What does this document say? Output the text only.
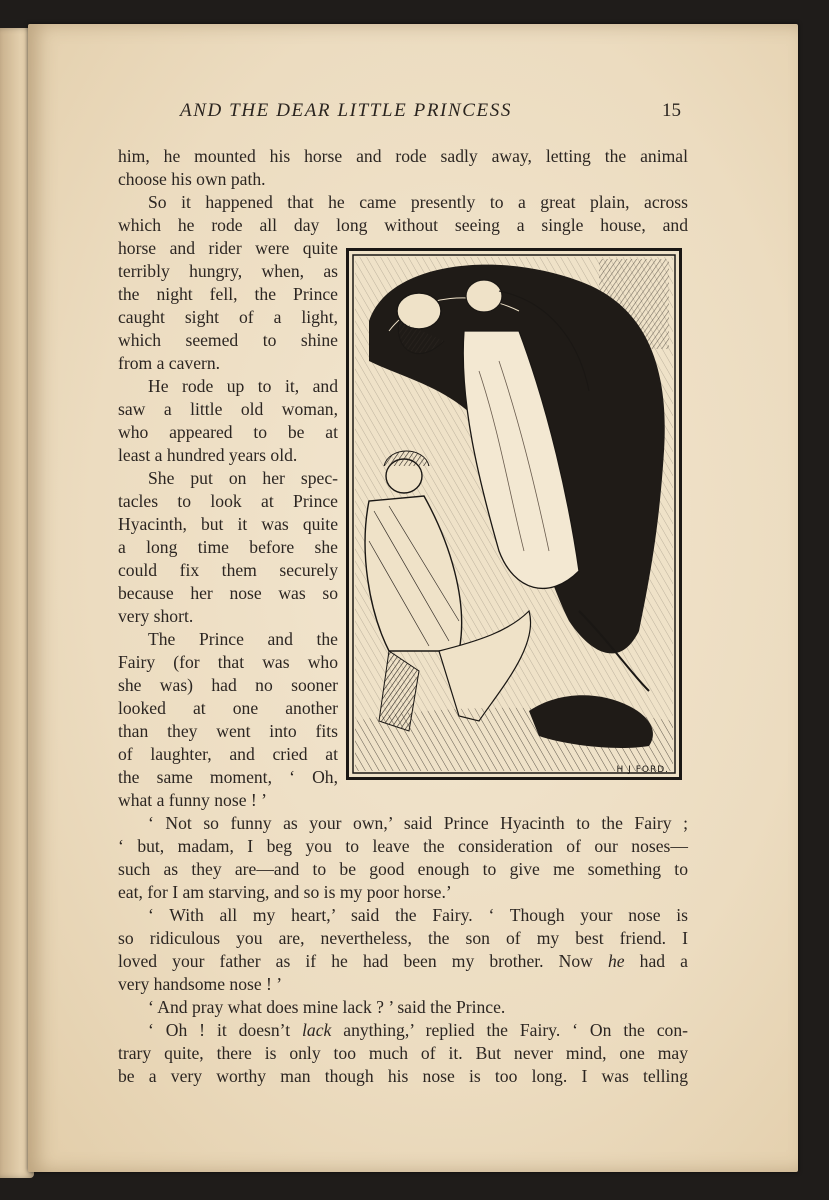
AND THE DEAR LITTLE PRINCESS	15
him, he mounted his horse and rode sadly away, letting the animal
choose his own path.
So it happened that he came presently to a great plain, across
which he rode all day long without seeing a single house, and
horse and rider were quite
terribly hungry, when, as
the night fell, the Prince
caught sight of a light,
which seemed to shine
from a cavern.
He rode up to it, and
saw a little old woman,
who appeared to be at
least a hundred years old.
She put on her spec-
tacles to look at Prince
Hyacinth, but it was quite
a long time before she
could fix them securely
because her nose was so
very short.
The Prince and the
Fairy (for that was who
she was) had no sooner
looked at one another
than they went into fits
of laughter, and cried at
the same moment, ‘ Oh,
what a funny nose ! ’
‘ Not so funny as your own,’ said Prince Hyacinth to the Fairy ;
‘ but, madam, I beg you to leave the consideration of our noses—
such as they are—and to be good enough to give me something to
eat, for I am starving, and so is my poor horse.’
‘ With all my heart,’ said the Fairy. ‘ Though your nose is
so ridiculous you are, nevertheless, the son of my best friend. I
loved your father as if he had been my brother. Now he had a
very handsome nose ! ’
‘ And pray what does mine lack ? ’ said the Prince.
‘ Oh ! it doesn’t lack anything,’ replied the Fairy. ‘ On the con-
trary quite, there is only too much of it. But never mind, one may
be a very worthy man though his nose is too long. I was telling
H J FORD.
